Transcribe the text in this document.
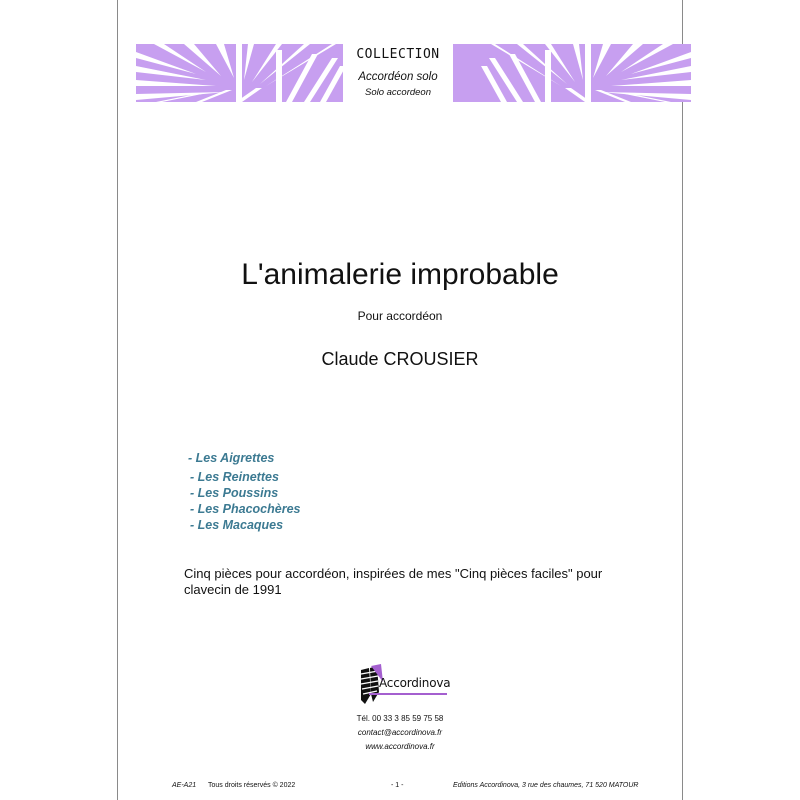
COLLECTION
Accordéon solo
Solo accordeon
L'animalerie improbable
Pour accordéon
Claude CROUSIER
- Les Aigrettes
- Les Reinettes
- Les Poussins
- Les Phacochères
- Les Macaques
Cinq pièces pour accordéon, inspirées de mes "Cinq pièces faciles" pour clavecin de 1991
Accordinova
Tél. 00 33 3 85 59 75 58
contact@accordinova.fr
www.accordinova.fr
AE-A21 Tous droits réservés © 2022	- 1 -	Editions Accordinova, 3 rue des chaumes, 71 520 MATOUR
